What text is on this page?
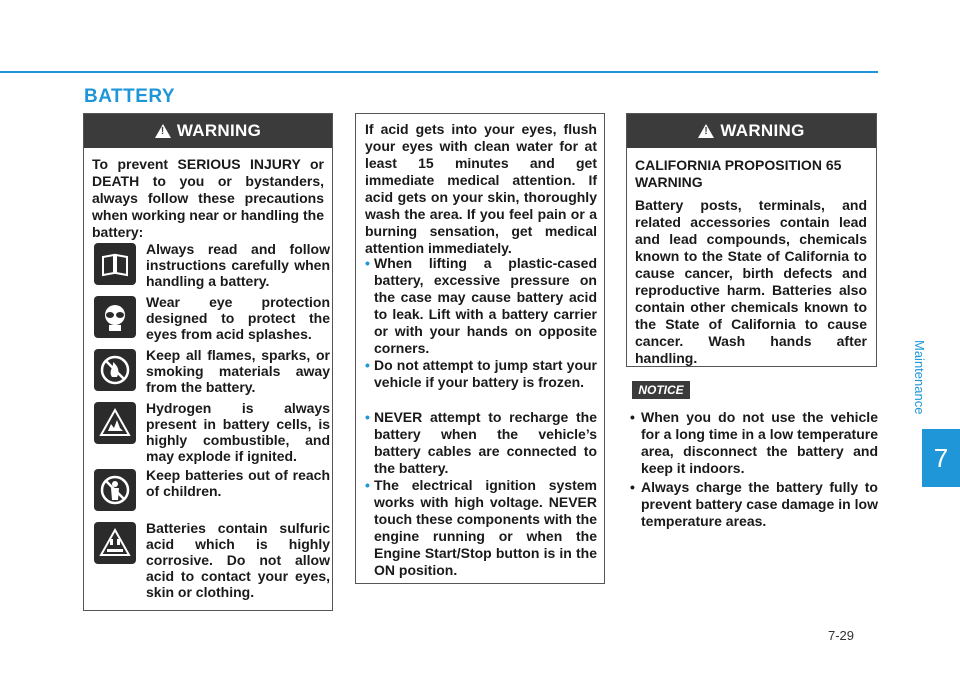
BATTERY
!
WARNING
To prevent SERIOUS INJURY or DEATH to you or bystanders, always follow these precautions when working near or handling the battery:
Always read and follow instructions carefully when handling a battery.
Wear eye protection designed to protect the eyes from acid splashes.
Keep all flames, sparks, or smoking materials away from the battery.
Hydrogen is always present in battery cells, is highly combustible, and may explode if ignited.
Keep batteries out of reach of children.
Batteries contain sulfuric acid which is highly corrosive. Do not allow acid to contact your eyes, skin or clothing.
If acid gets into your eyes, flush your eyes with clean water for at least 15 minutes and get immediate medical attention. If acid gets on your skin, thoroughly wash the area. If you feel pain or a burning sensation, get medical attention immediately.
• When lifting a plastic-cased battery, excessive pressure on the case may cause battery acid to leak. Lift with a battery carrier or with your hands on opposite corners.
• Do not attempt to jump start your vehicle if your battery is frozen.
• NEVER attempt to recharge the battery when the vehicle’s battery cables are connected to the battery.
• The electrical ignition system works with high voltage. NEVER touch these components with the engine running or when the Engine Start/Stop button is in the ON position.
!
WARNING
CALIFORNIA PROPOSITION 65 WARNING
Battery posts, terminals, and related accessories contain lead and lead compounds, chemicals known to the State of California to cause cancer, birth defects and reproductive harm. Batteries also contain other chemicals known to the State of California to cause cancer. Wash hands after handling.
NOTICE
• When you do not use the vehicle for a long time in a low temperature area, disconnect the battery and keep it indoors.
• Always charge the battery fully to prevent battery case damage in low temperature areas.
Maintenance
7
7-29
